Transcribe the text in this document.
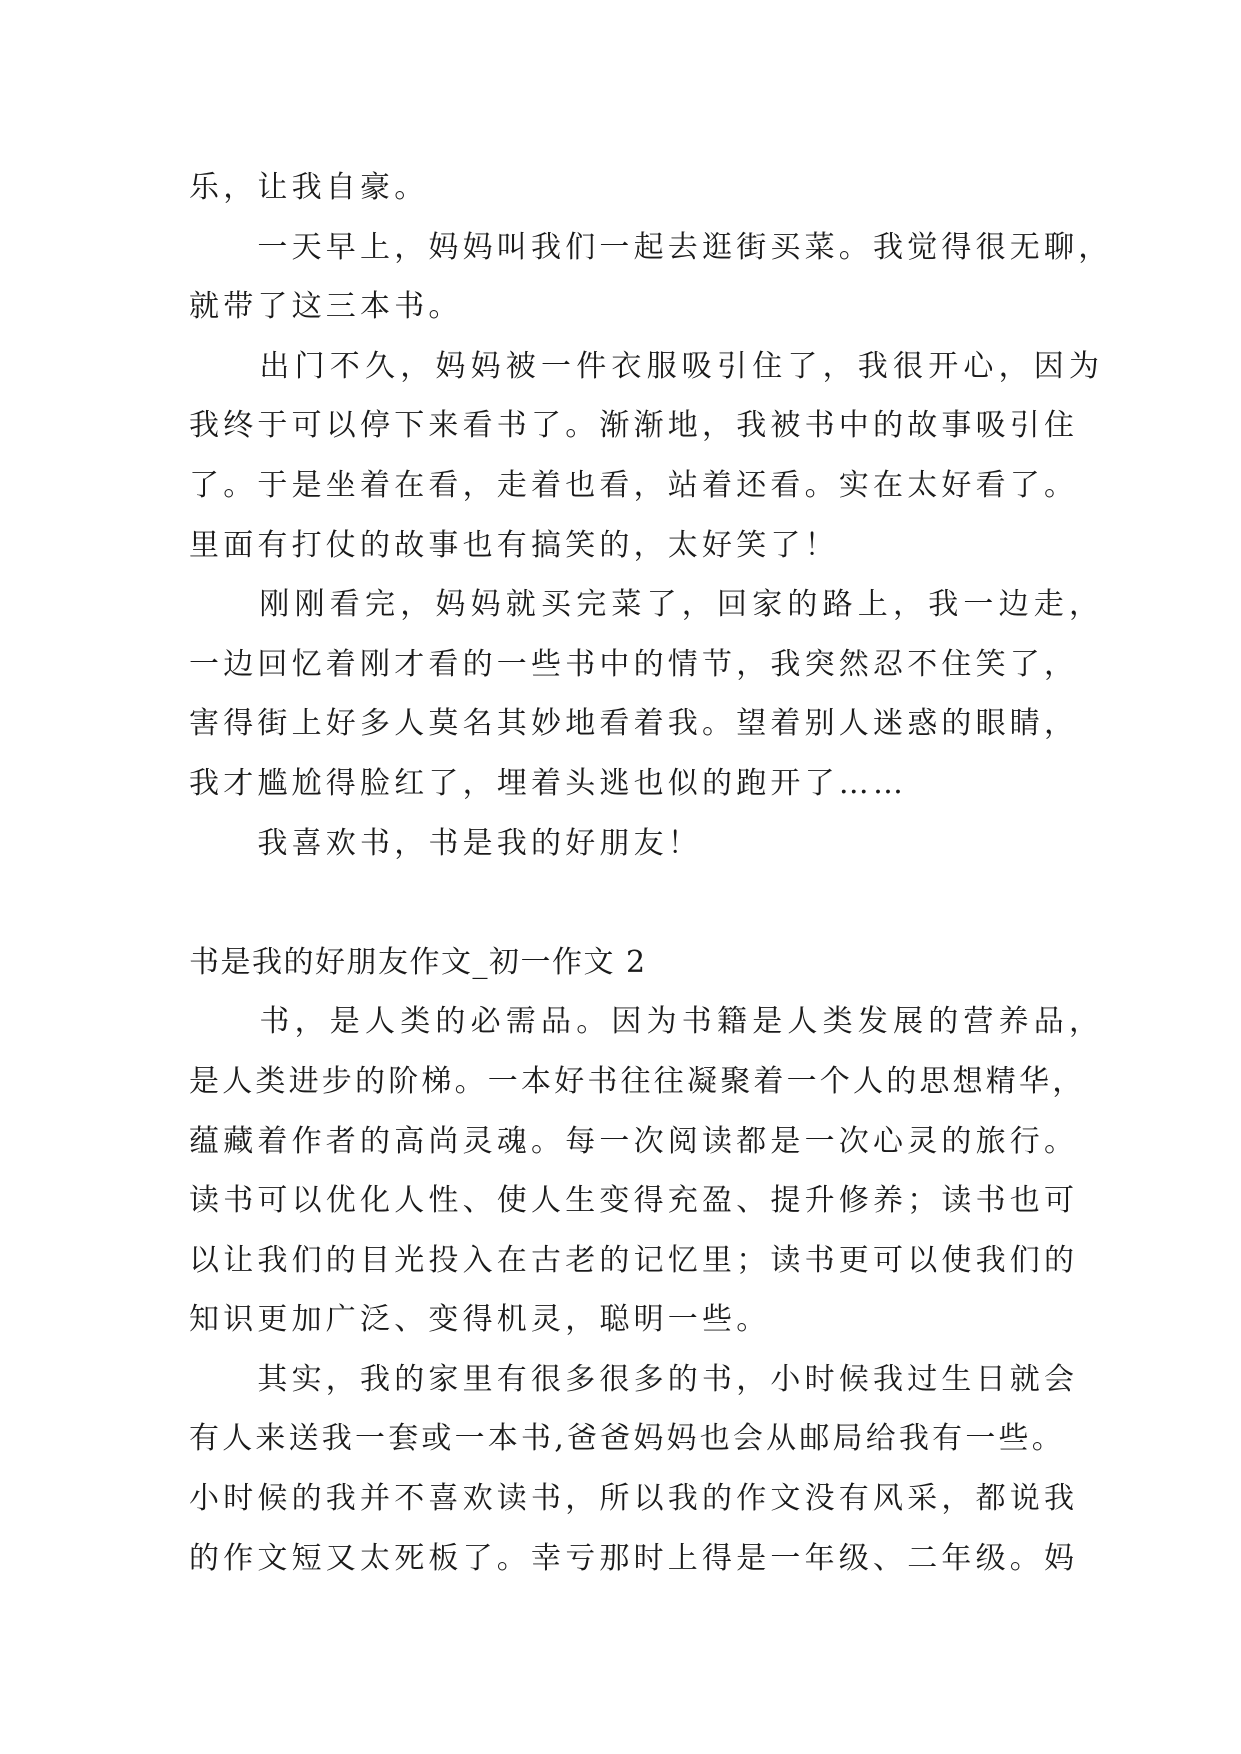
乐，让我自豪。
　　一天早上，妈妈叫我们一起去逛街买菜。我觉得很无聊，
就带了这三本书。
　　出门不久，妈妈被一件衣服吸引住了，我很开心，因为
我终于可以停下来看书了。渐渐地，我被书中的故事吸引住
了。于是坐着在看，走着也看，站着还看。实在太好看了。
里面有打仗的故事也有搞笑的，太好笑了！
　　刚刚看完，妈妈就买完菜了，回家的路上，我一边走，
一边回忆着刚才看的一些书中的情节，我突然忍不住笑了，
害得街上好多人莫名其妙地看着我。望着别人迷惑的眼睛，
我才尴尬得脸红了，埋着头逃也似的跑开了……
　　我喜欢书，书是我的好朋友！
书是我的好朋友作文_初一作文 2
　　书，是人类的必需品。因为书籍是人类发展的营养品，
是人类进步的阶梯。一本好书往往凝聚着一个人的思想精华，
蕴藏着作者的高尚灵魂。每一次阅读都是一次心灵的旅行。
读书可以优化人性、使人生变得充盈、提升修养；读书也可
以让我们的目光投入在古老的记忆里；读书更可以使我们的
知识更加广泛、变得机灵，聪明一些。
　　其实，我的家里有很多很多的书，小时候我过生日就会
有人来送我一套或一本书,爸爸妈妈也会从邮局给我有一些。
小时候的我并不喜欢读书，所以我的作文没有风采，都说我
的作文短又太死板了。幸亏那时上得是一年级、二年级。妈
